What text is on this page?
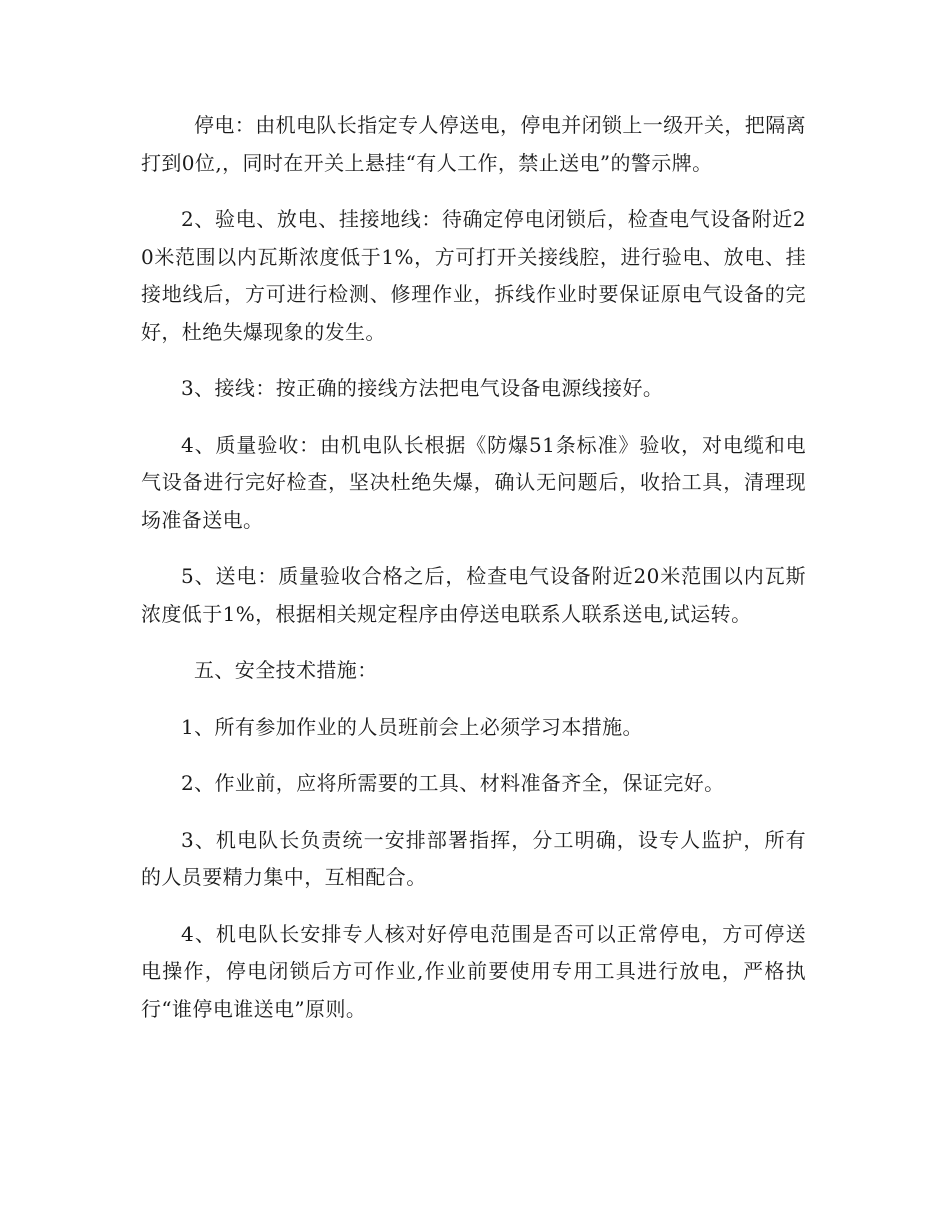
停电：由机电队长指定专人停送电，停电并闭锁上一级开关，把隔离打到0位,，同时在开关上悬挂“有人工作，禁止送电”的警示牌。

2、验电、放电、挂接地线：待确定停电闭锁后，检查电气设备附近20米范围以内瓦斯浓度低于1%，方可打开关接线腔，进行验电、放电、挂接地线后，方可进行检测、修理作业，拆线作业时要保证原电气设备的完好，杜绝失爆现象的发生。

3、接线：按正确的接线方法把电气设备电源线接好。

4、质量验收：由机电队长根据《防爆51条标准》验收，对电缆和电气设备进行完好检查，坚决杜绝失爆，确认无问题后，收拾工具，清理现场准备送电。

5、送电：质量验收合格之后，检查电气设备附近20米范围以内瓦斯浓度低于1%，根据相关规定程序由停送电联系人联系送电,试运转。

五、安全技术措施：

1、所有参加作业的人员班前会上必须学习本措施。

2、作业前，应将所需要的工具、材料准备齐全，保证完好。

3、机电队长负责统一安排部署指挥，分工明确，设专人监护，所有的人员要精力集中，互相配合。

4、机电队长安排专人核对好停电范围是否可以正常停电，方可停送电操作，停电闭锁后方可作业,作业前要使用专用工具进行放电，严格执行“谁停电谁送电”原则。
